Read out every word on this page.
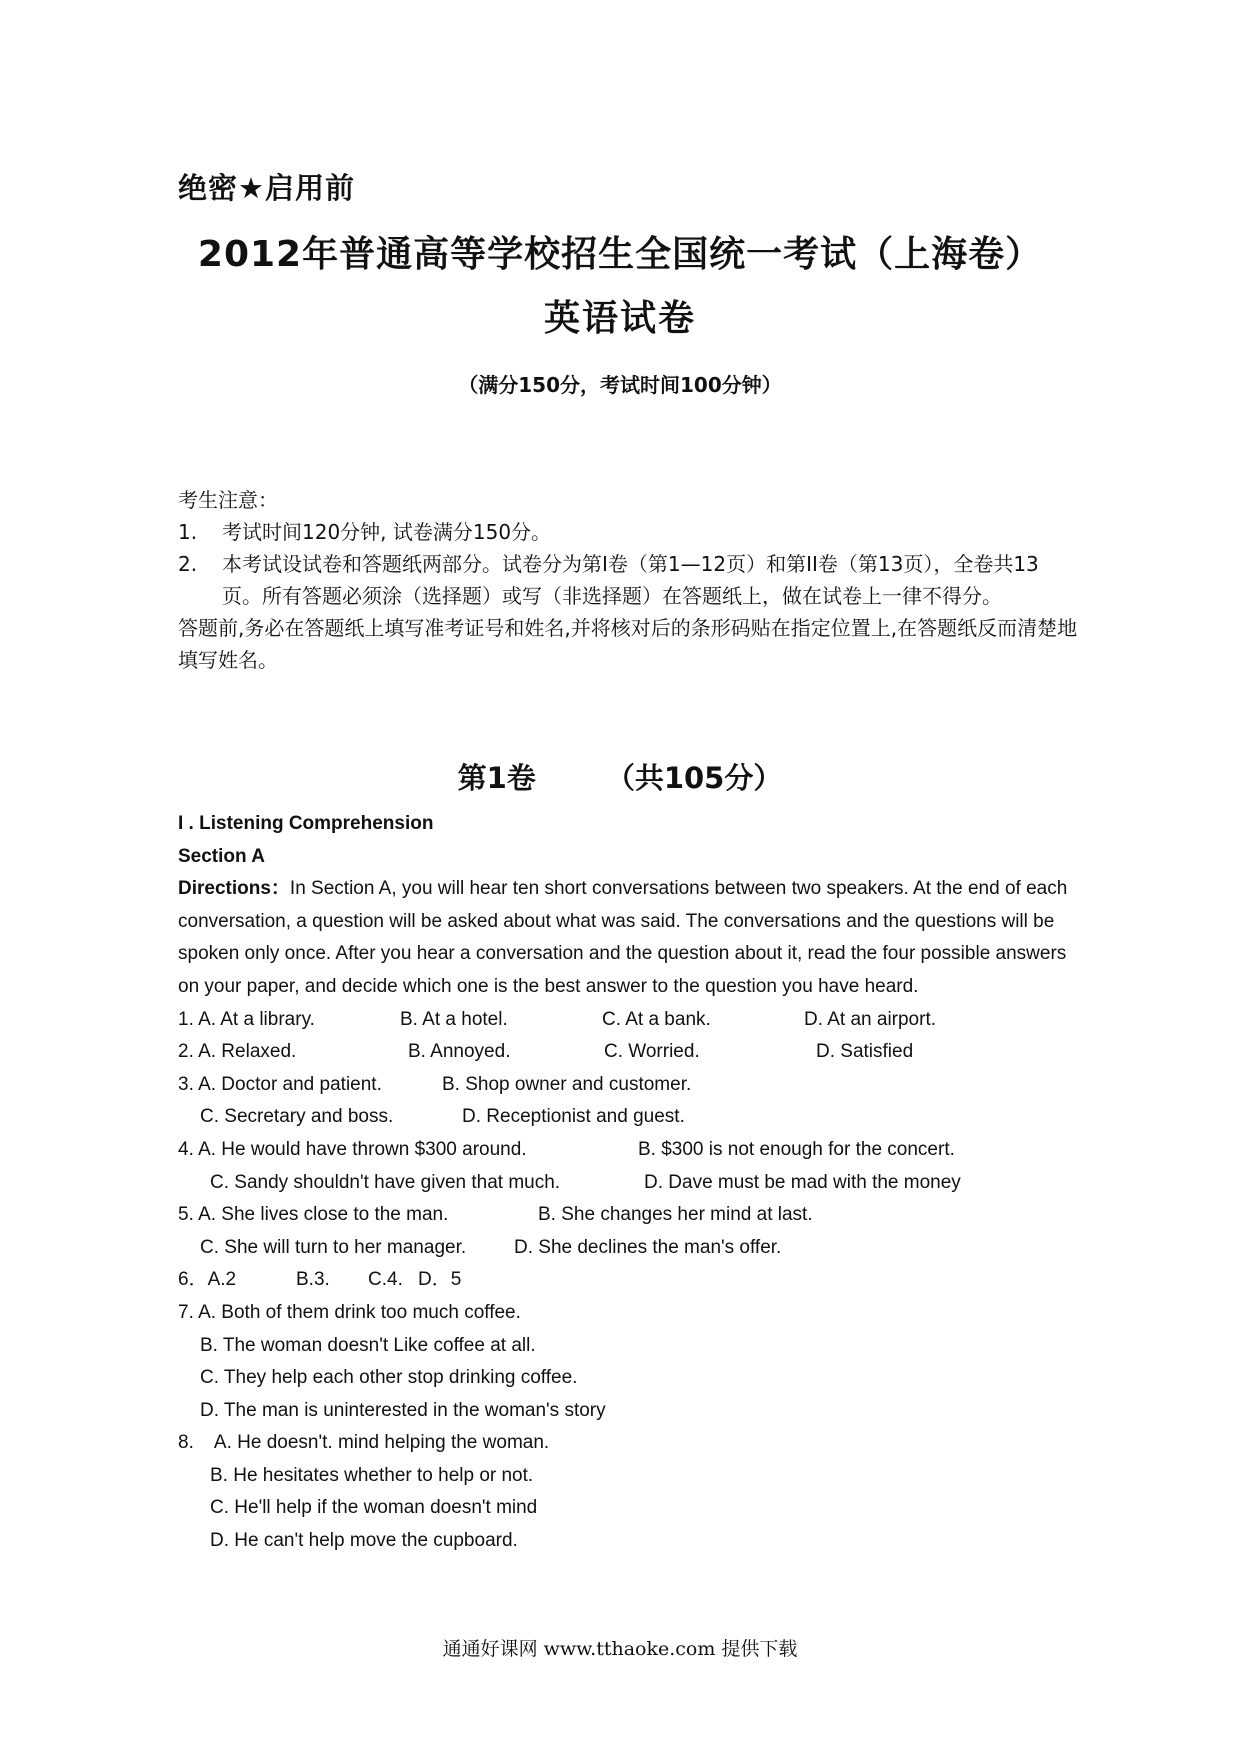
绝密★启用前
2012年普通高等学校招生全国统一考试（上海卷）
英语试卷
（满分150分，考试时间100分钟）
考生注意：
1. 考试时间120分钟, 试卷满分150分。
2. 本考试设试卷和答题纸两部分。试卷分为第I卷（第1—12页）和第II卷（第13页），全卷共13页。所有答题必须涂（选择题）或写（非选择题）在答题纸上，做在试卷上一律不得分。
答题前,务必在答题纸上填写准考证号和姓名,并将核对后的条形码贴在指定位置上,在答题纸反而清楚地填写姓名。
第1卷 （共105分）
I . Listening Comprehension
Section A

Directions：In Section A, you will hear ten short conversations between two speakers. At the end of each conversation, a question will be asked about what was said. The conversations and the questions will be spoken only once. After you hear a conversation and the question about it, read the four possible answers on your paper, and decide which one is the best answer to the question you have heard.

1. A. At a library.	B. At a hotel.	C. At a bank.	D. At an airport.
2. A. Relaxed.	B. Annoyed.	C. Worried.	D. Satisfied
3. A. Doctor and patient.	B. Shop owner and customer.
C. Secretary and boss.	D. Receptionist and guest.
4. A. He would have thrown $300 around.	B. $300 is not enough for the concert.
C. Sandy shouldn't have given that much.	D. Dave must be mad with the money
5. A. She lives close to the man.	B. She changes her mind at last.
C. She will turn to her manager.	D. She declines the man's offer.
6．A.2	B.3. C.4. D．5
7. A. Both of them drink too much coffee.
B. The woman doesn't Like coffee at all.
C. They help each other stop drinking coffee.
D. The man is uninterested in the woman's story
8.    A. He doesn't. mind helping the woman.
B. He hesitates whether to help or not.
C. He'll help if the woman doesn't mind
D. He can't help move the cupboard.
通通好课网 www.tthaoke.com 提供下载
